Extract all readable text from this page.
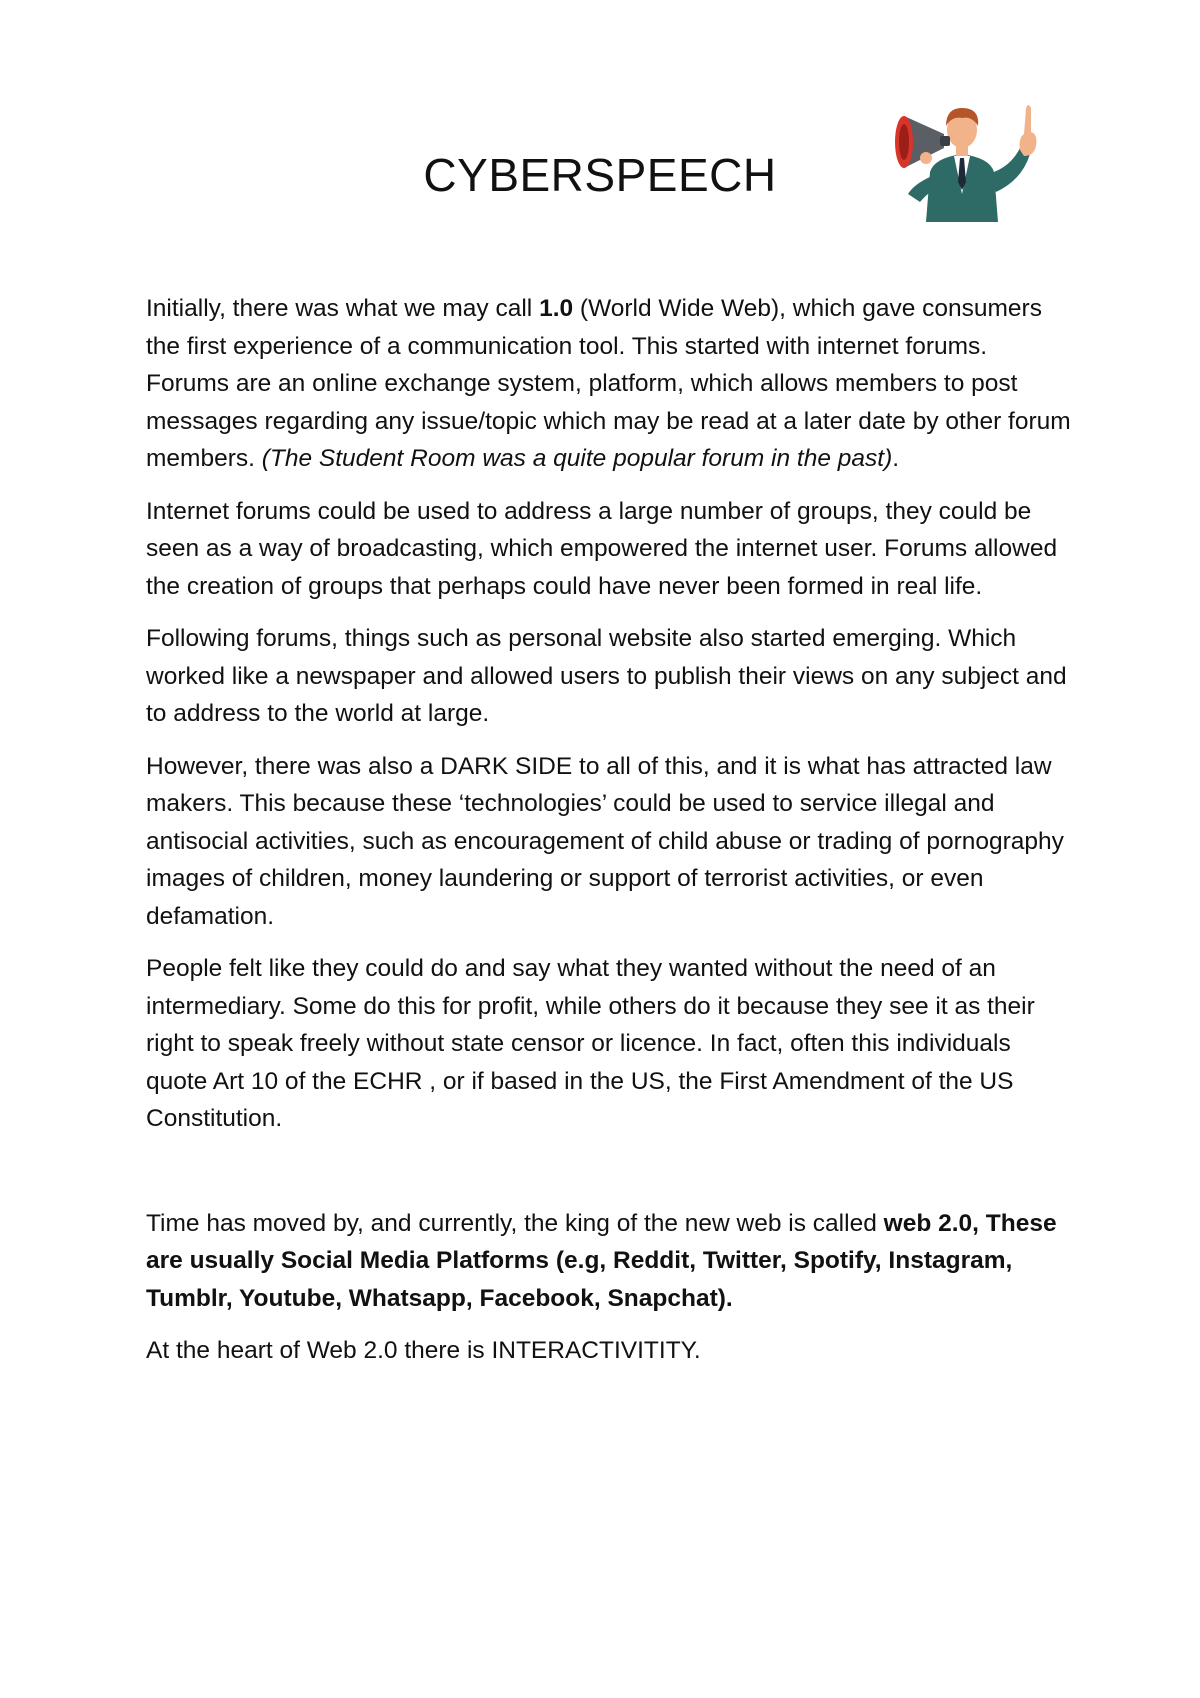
CYBERSPEECH

Initially, there was what we may call 1.0 (World Wide Web), which gave consumers the first experience of a communication tool. This started with internet forums. Forums are an online exchange system, platform, which allows members to post messages regarding any issue/topic which may be read at a later date by other forum members. (The Student Room was a quite popular forum in the past).

Internet forums could be used to address a large number of groups, they could be seen as a way of broadcasting, which empowered the internet user. Forums allowed the creation of groups that perhaps could have never been formed in real life.

Following forums, things such as personal website also started emerging. Which worked like a newspaper and allowed users to publish their views on any subject and to address to the world at large.

However, there was also a DARK SIDE to all of this, and it is what has attracted law makers. This because these ‘technologies’ could be used to service illegal and antisocial activities, such as encouragement of child abuse or trading of pornography images of children, money laundering or support of terrorist activities, or even defamation.

People felt like they could do and say what they wanted without the need of an intermediary. Some do this for profit, while others do it because they see it as their right to speak freely without state censor or licence. In fact, often this individuals quote Art 10 of the ECHR , or if based in the US, the First Amendment of the US Constitution.

Time has moved by, and currently, the king of the new web is called web 2.0, These are usually Social Media Platforms (e.g, Reddit, Twitter, Spotify, Instagram, Tumblr, Youtube, Whatsapp, Facebook, Snapchat).

At the heart of Web 2.0 there is INTERACTIVITITY.
